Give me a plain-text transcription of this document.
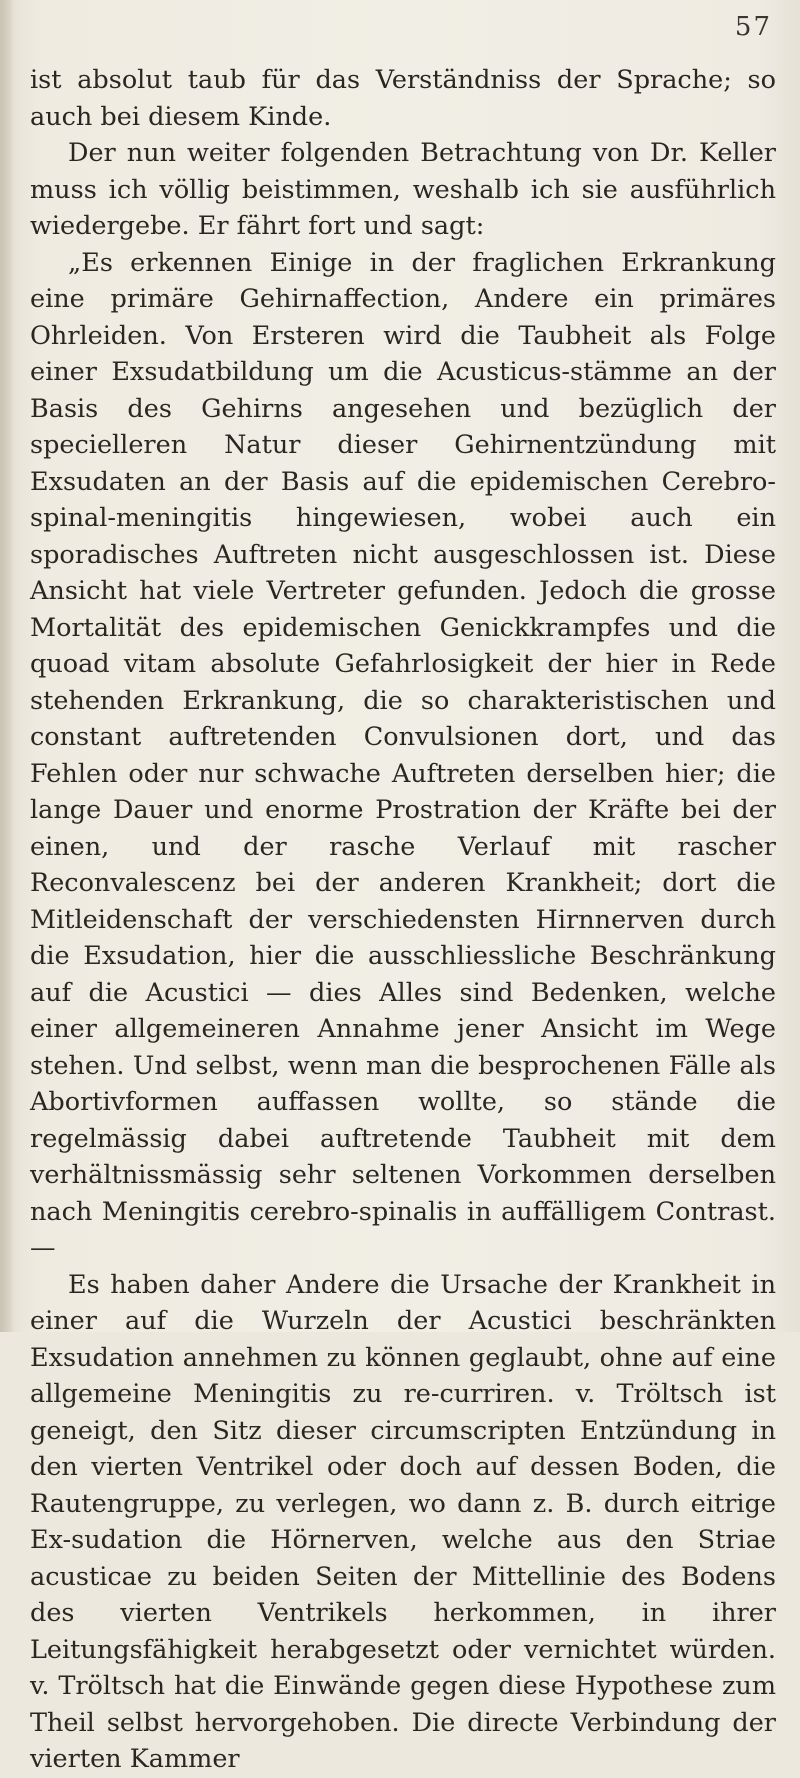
57

ist absolut taub für das Verständniss der Sprache; so auch bei diesem Kinde.

Der nun weiter folgenden Betrachtung von Dr. Keller muss ich völlig beistimmen, weshalb ich sie ausführlich wiedergebe. Er fährt fort und sagt:

„Es erkennen Einige in der fraglichen Erkrankung eine primäre Gehirnaffection, Andere ein primäres Ohrleiden. Von Ersteren wird die Taubheit als Folge einer Exsudatbildung um die Acusticus-stämme an der Basis des Gehirns angesehen und bezüglich der specielleren Natur dieser Gehirnentzündung mit Exsudaten an der Basis auf die epidemischen Cerebro-spinal-meningitis hingewiesen, wobei auch ein sporadisches Auftreten nicht ausgeschlossen ist. Diese Ansicht hat viele Vertreter gefunden. Jedoch die grosse Mortalität des epidemischen Genickkrampfes und die quoad vitam absolute Gefahrlosigkeit der hier in Rede stehenden Erkrankung, die so charakteristischen und constant auftretenden Convulsionen dort, und das Fehlen oder nur schwache Auftreten derselben hier; die lange Dauer und enorme Prostration der Kräfte bei der einen, und der rasche Verlauf mit rascher Reconvalescenz bei der anderen Krankheit; dort die Mitleidenschaft der verschiedensten Hirnnerven durch die Exsudation, hier die ausschliessliche Beschränkung auf die Acustici — dies Alles sind Bedenken, welche einer allgemeineren Annahme jener Ansicht im Wege stehen. Und selbst, wenn man die besprochenen Fälle als Abortivformen auffassen wollte, so stände die regelmässig dabei auftretende Taubheit mit dem verhältnissmässig sehr seltenen Vorkommen derselben nach Meningitis cerebro-spinalis in auffälligem Contrast. —

Es haben daher Andere die Ursache der Krankheit in einer auf die Wurzeln der Acustici beschränkten Exsudation annehmen zu können geglaubt, ohne auf eine allgemeine Meningitis zu re-curriren. v. Tröltsch ist geneigt, den Sitz dieser circumscripten Entzündung in den vierten Ventrikel oder doch auf dessen Boden, die Rautengruppe, zu verlegen, wo dann z. B. durch eitrige Ex-sudation die Hörnerven, welche aus den Striae acusticae zu beiden Seiten der Mittellinie des Bodens des vierten Ventrikels herkommen, in ihrer Leitungsfähigkeit herabgesetzt oder vernichtet würden. v. Tröltsch hat die Einwände gegen diese Hypothese zum Theil selbst hervorgehoben. Die directe Verbindung der vierten Kammer
